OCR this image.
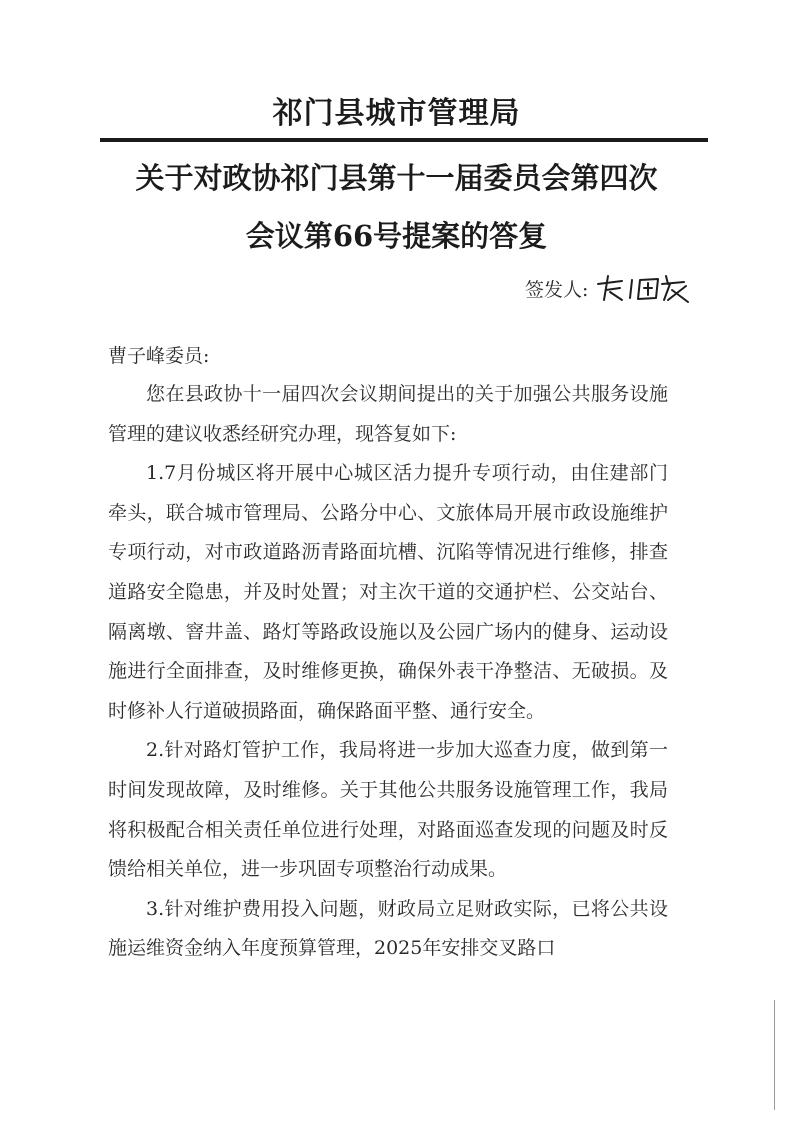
祁门县城市管理局
关于对政协祁门县第十一届委员会第四次
会议第66号提案的答复
签发人:
曹子峰委员:

您在县政协十一届四次会议期间提出的关于加强公共服务设施管理的建议收悉经研究办理，现答复如下:

1.7月份城区将开展中心城区活力提升专项行动，由住建部门牵头，联合城市管理局、公路分中心、文旅体局开展市政设施维护专项行动，对市政道路沥青路面坑槽、沉陷等情况进行维修，排查道路安全隐患，并及时处置；对主次干道的交通护栏、公交站台、隔离墩、窨井盖、路灯等路政设施以及公园广场内的健身、运动设施进行全面排查，及时维修更换，确保外表干净整洁、无破损。及时修补人行道破损路面，确保路面平整、通行安全。

2.针对路灯管护工作，我局将进一步加大巡查力度，做到第一时间发现故障，及时维修。关于其他公共服务设施管理工作，我局将积极配合相关责任单位进行处理，对路面巡查发现的问题及时反馈给相关单位，进一步巩固专项整治行动成果。

3.针对维护费用投入问题，财政局立足财政实际，已将公共设施运维资金纳入年度预算管理，2025年安排交叉路口
